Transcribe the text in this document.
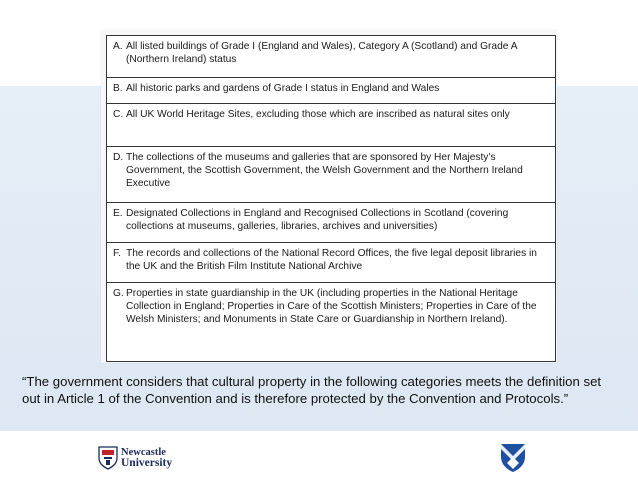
A. All listed buildings of Grade I (England and Wales), Category A (Scotland) and Grade A (Northern Ireland) status
B. All historic parks and gardens of Grade I status in England and Wales
C. All UK World Heritage Sites, excluding those which are inscribed as natural sites only
D. The collections of the museums and galleries that are sponsored by Her Majesty’s Government, the Scottish Government, the Welsh Government and the Northern Ireland Executive
E. Designated Collections in England and Recognised Collections in Scotland (covering collections at museums, galleries, libraries, archives and universities)
F. The records and collections of the National Record Offices, the five legal deposit libraries in the UK and the British Film Institute National Archive
G. Properties in state guardianship in the UK (including properties in the National Heritage Collection in England; Properties in Care of the Scottish Ministers; Properties in Care of the Welsh Ministers; and Monuments in State Care or Guardianship in Northern Ireland).
“The government considers that cultural property in the following categories meets the definition set out in Article 1 of the Convention and is therefore protected by the Convention and Protocols.”
Newcastle
University
